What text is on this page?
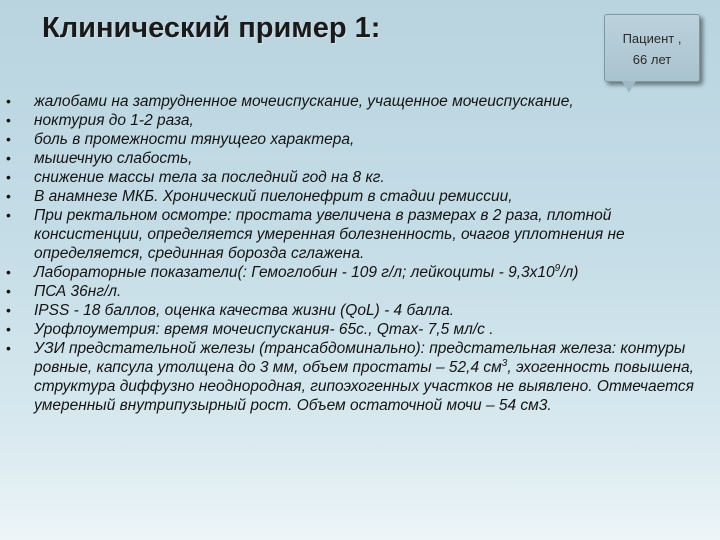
Клинический пример 1:	Пациент ,
66 лет
• жалобами на затрудненное мочеиспускание, учащенное мочеиспускание,
• ноктурия до 1-2 раза,
• боль в промежности тянущего характера,
• мышечную слабость,
• снижение массы тела за последний год на 8 кг.
• В анамнезе МКБ. Хронический пиелонефрит в стадии ремиссии,
• При ректальном осмотре: простата увеличена в размерах в 2 раза, плотной консистенции, определяется умеренная болезненность, очагов уплотнения не определяется, срединная борозда сглажена.
• Лабораторные показатели(: Гемоглобин - 109 г/л; лейкоциты - $9,3х10^9/л$)
• ПСА 36нг/л.
• IPSS - 18 баллов, оценка качества жизни (QoL) - 4 балла.
• Урофлоуметрия: время мочеиспускания- 65с., Qmax- 7,5 мл/с .
• УЗИ предстательной железы (трансабдоминально): предстательная железа: контуры ровные, капсула утолщена до 3 мм, объем простаты – 52,4 $см^3$, эхогенность повышена, структура диффузно неоднородная, гипоэхогенных участков не выявлено. Отмечается умеренный внутрипузырный рост. Объем остаточной мочи – 54 см3.
